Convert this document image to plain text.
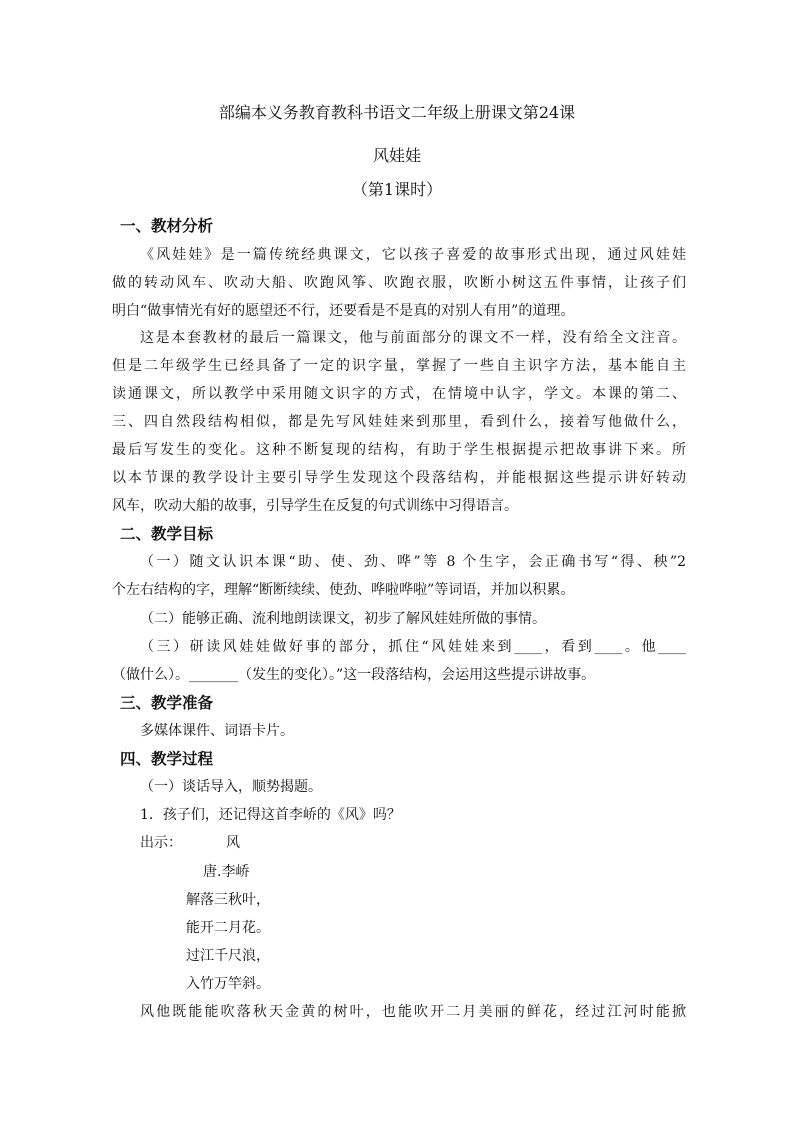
部编本义务教育教科书语文二年级上册课文第24课
风娃娃
（第1课时）
一、教材分析
《风娃娃》是一篇传统经典课文，它以孩子喜爱的故事形式出现，通过风娃娃
做的转动风车、吹动大船、吹跑风筝、吹跑衣服，吹断小树这五件事情，让孩子们
明白“做事情光有好的愿望还不行，还要看是不是真的对别人有用”的道理。
这是本套教材的最后一篇课文，他与前面部分的课文不一样，没有给全文注音。
但是二年级学生已经具备了一定的识字量，掌握了一些自主识字方法，基本能自主
读通课文，所以教学中采用随文识字的方式，在情境中认字，学文。本课的第二、
三、四自然段结构相似，都是先写风娃娃来到那里，看到什么，接着写他做什么，
最后写发生的变化。这种不断复现的结构，有助于学生根据提示把故事讲下来。所
以本节课的教学设计主要引导学生发现这个段落结构，并能根据这些提示讲好转动
风车，吹动大船的故事，引导学生在反复的句式训练中习得语言。
二、教学目标
（一）随文认识本课“助、使、劲、哗”等 8 个生字，会正确书写“得、秧”2
个左右结构的字，理解“断断续续、使劲、哗啦哗啦”等词语，并加以积累。
（二）能够正确、流利地朗读课文，初步了解风娃娃所做的事情。
（三）研读风娃娃做好事的部分，抓住“风娃娃来到____，看到____。他____
（做什么）。_______（发生的变化）。”这一段落结构，会运用这些提示讲故事。
三、教学准备
多媒体课件、词语卡片。
四、教学过程
（一）谈话导入，顺势揭题。
1．孩子们，还记得这首李峤的《风》吗？
出示：	风
唐.李峤
解落三秋叶，
能开二月花。
过江千尺浪，
入竹万竿斜。
风他既能能吹落秋天金黄的树叶，也能吹开二月美丽的鲜花，经过江河时能掀
